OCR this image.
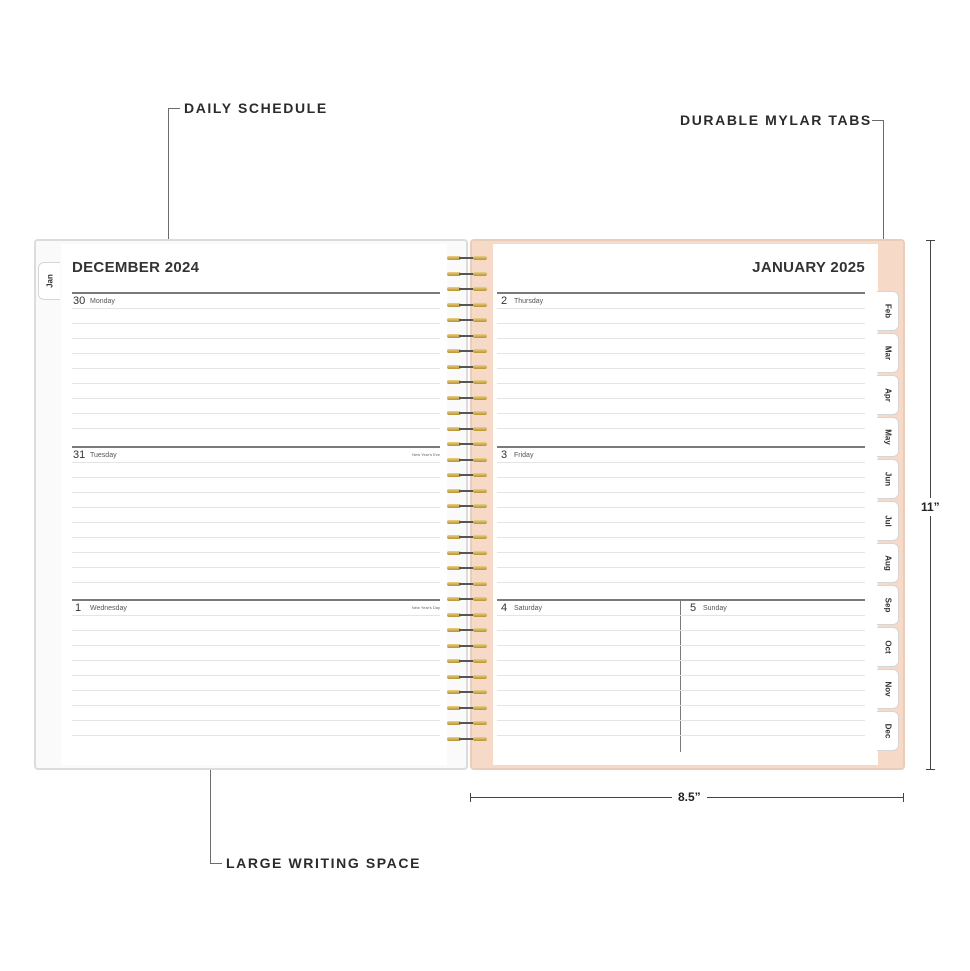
DAILY SCHEDULE
DURABLE MYLAR TABS
LARGE WRITING SPACE
Jan
DECEMBER 2024
30 Monday
31 Tuesday	New Year's Eve
1 Wednesday	New Year's Day
JANUARY 2025
2 Thursday
3 Friday
4 Saturday	5 Sunday
Feb
Mar
Apr
May
Jun
Jul
Aug
Sep
Oct
Nov
Dec
11”
8.5”
